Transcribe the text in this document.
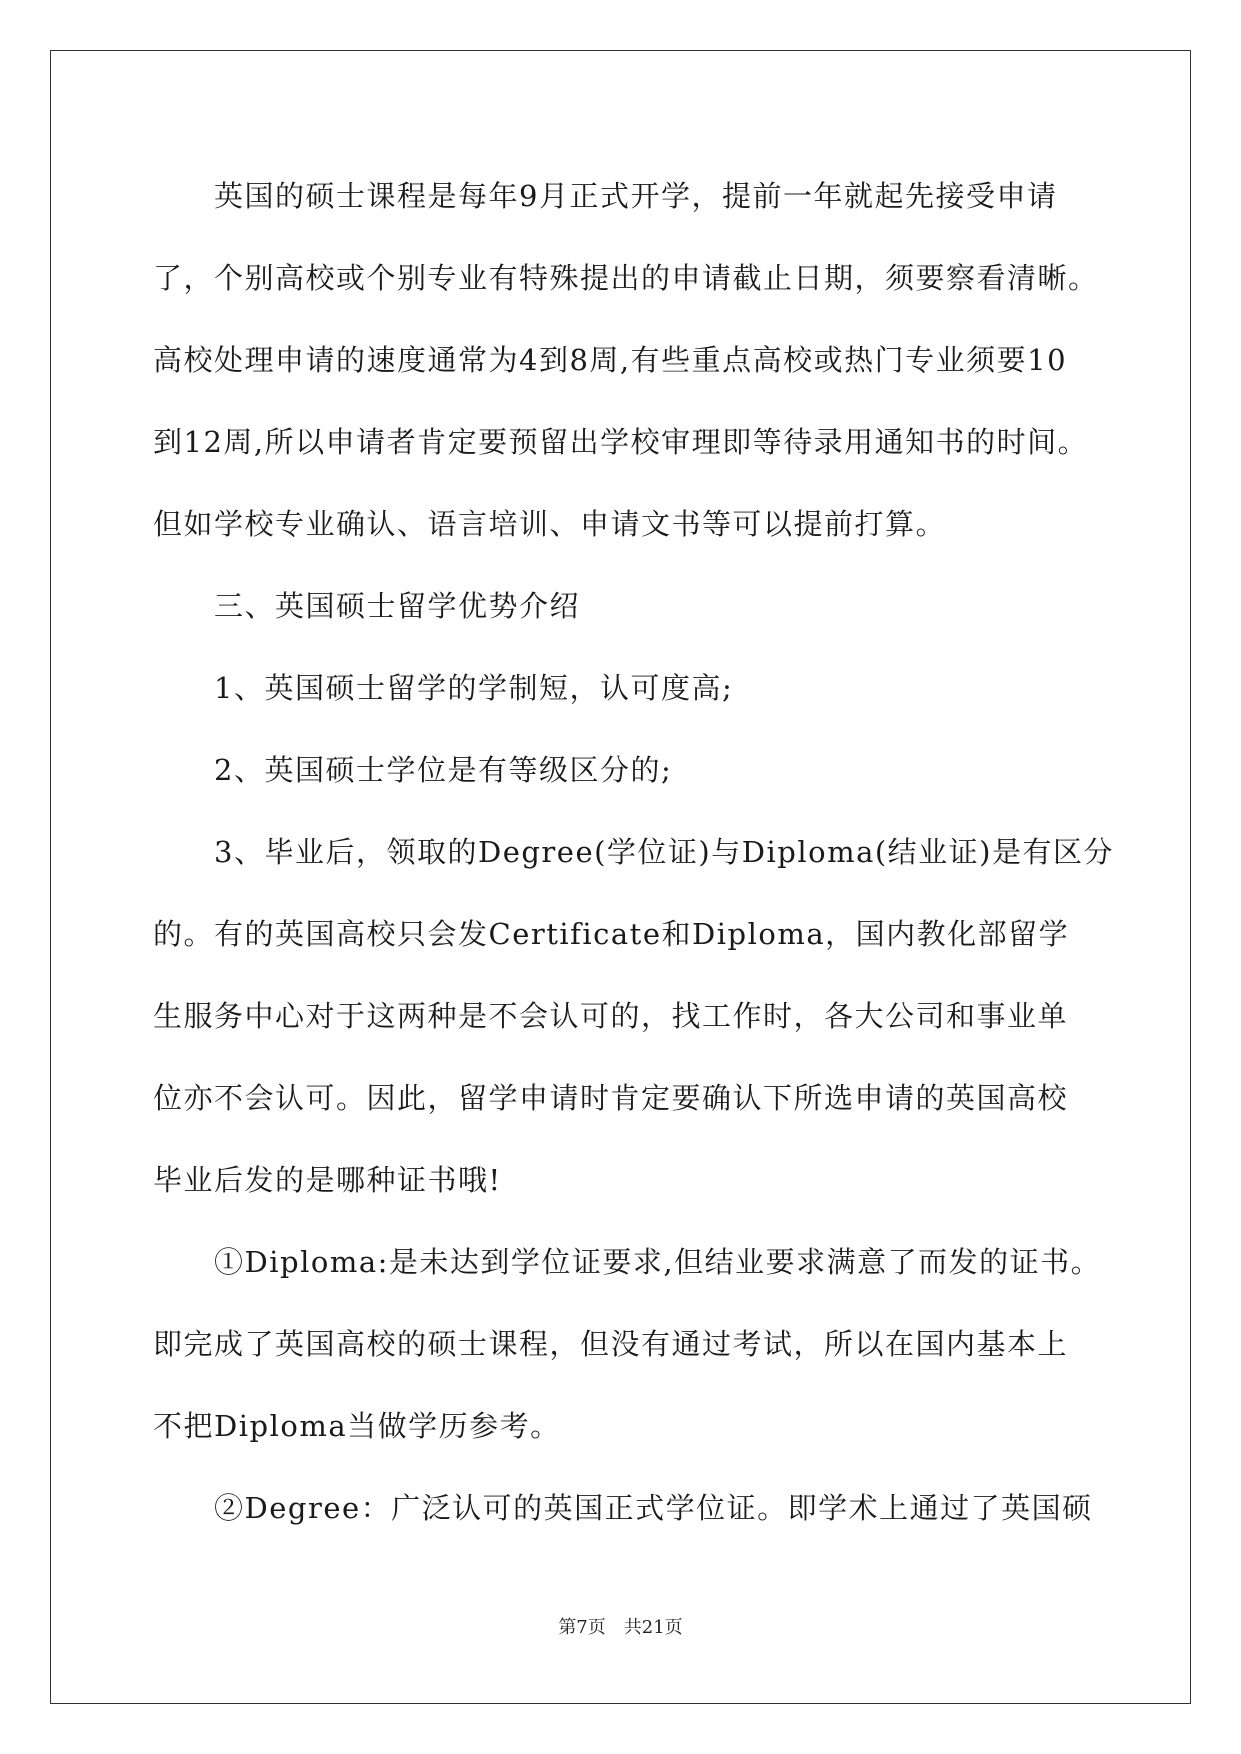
　　英国的硕士课程是每年9月正式开学，提前一年就起先接受申请
了，个别高校或个别专业有特殊提出的申请截止日期，须要察看清晰。
高校处理申请的速度通常为4到8周,有些重点高校或热门专业须要10
到12周,所以申请者肯定要预留出学校审理即等待录用通知书的时间。
但如学校专业确认、语言培训、申请文书等可以提前打算。
　　三、英国硕士留学优势介绍
　　1、英国硕士留学的学制短，认可度高;
　　2、英国硕士学位是有等级区分的;
　　3、毕业后，领取的Degree(学位证)与Diploma(结业证)是有区分
的。有的英国高校只会发Certificate和Diploma，国内教化部留学
生服务中心对于这两种是不会认可的，找工作时，各大公司和事业单
位亦不会认可。因此，留学申请时肯定要确认下所选申请的英国高校
毕业后发的是哪种证书哦!
　　①Diploma:是未达到学位证要求,但结业要求满意了而发的证书。
即完成了英国高校的硕士课程，但没有通过考试，所以在国内基本上
不把Diploma当做学历参考。
　　②Degree：广泛认可的英国正式学位证。即学术上通过了英国硕
第7页 共21页
